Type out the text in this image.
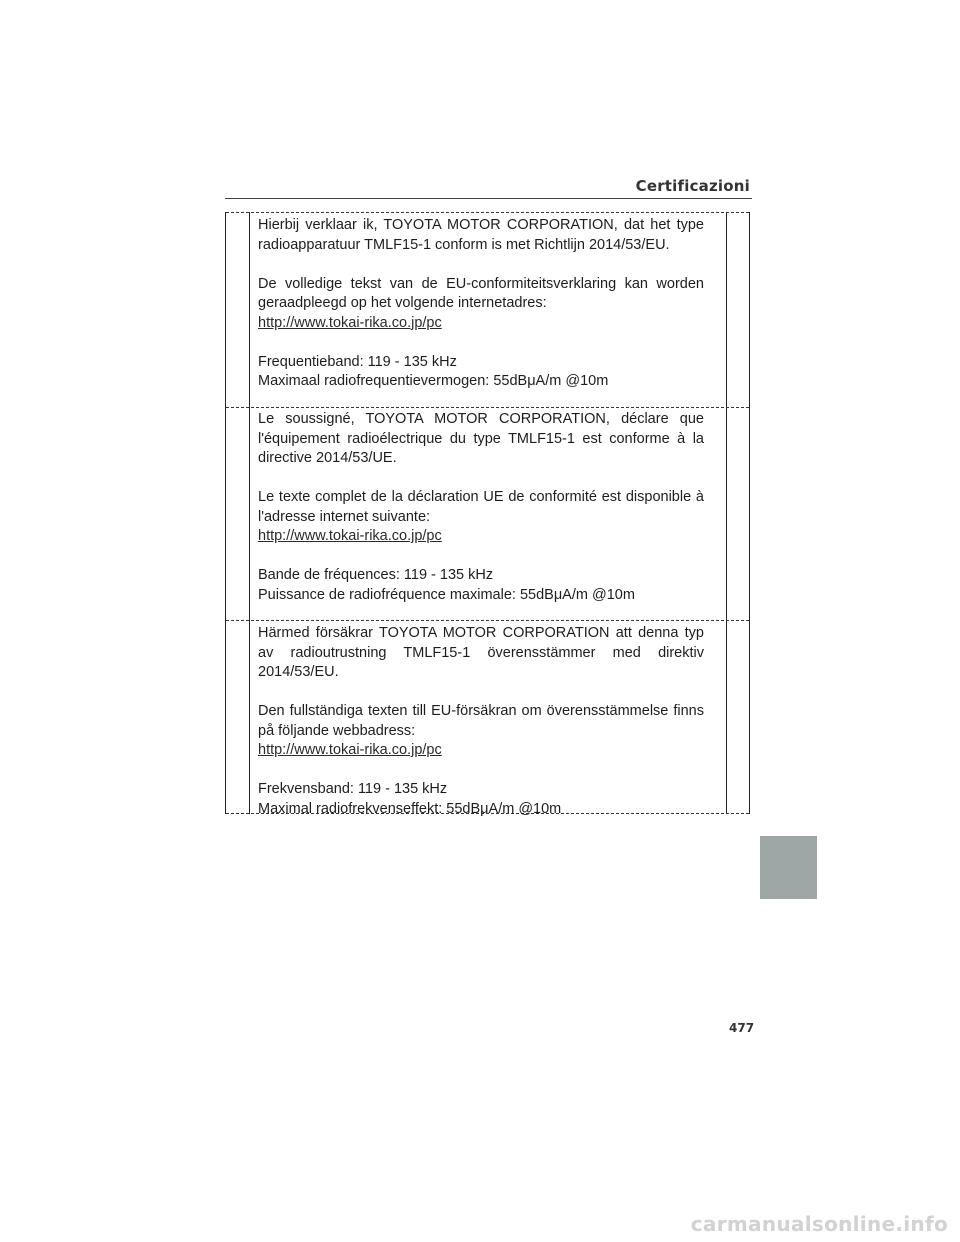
Certificazioni

Hierbij verklaar ik, TOYOTA MOTOR CORPORATION, dat het type radioapparatuur TMLF15-1 conform is met Richtlijn 2014/53/EU.

De volledige tekst van de EU-conformiteitsverklaring kan worden geraadpleegd op het volgende internetadres:

http://www.tokai-rika.co.jp/pc

Frequentieband: 119 - 135 kHz

Maximaal radiofrequentievermogen: 55dBμA/m @10m

Le soussigné, TOYOTA MOTOR CORPORATION, déclare que l'équipement radioélectrique du type TMLF15-1 est conforme à la directive 2014/53/UE.

Le texte complet de la déclaration UE de conformité est disponible à l'adresse internet suivante:

http://www.tokai-rika.co.jp/pc

Bande de fréquences: 119 - 135 kHz

Puissance de radiofréquence maximale: 55dBμA/m @10m

Härmed försäkrar TOYOTA MOTOR CORPORATION att denna typ av radioutrustning TMLF15-1 överensstämmer med direktiv 2014/53/EU.

Den fullständiga texten till EU-försäkran om överensstämmelse finns på följande webbadress:

http://www.tokai-rika.co.jp/pc

Frekvensband: 119 - 135 kHz

Maximal radiofrekvenseffekt: 55dBμA/m @10m
477
carmanualsonline.info
